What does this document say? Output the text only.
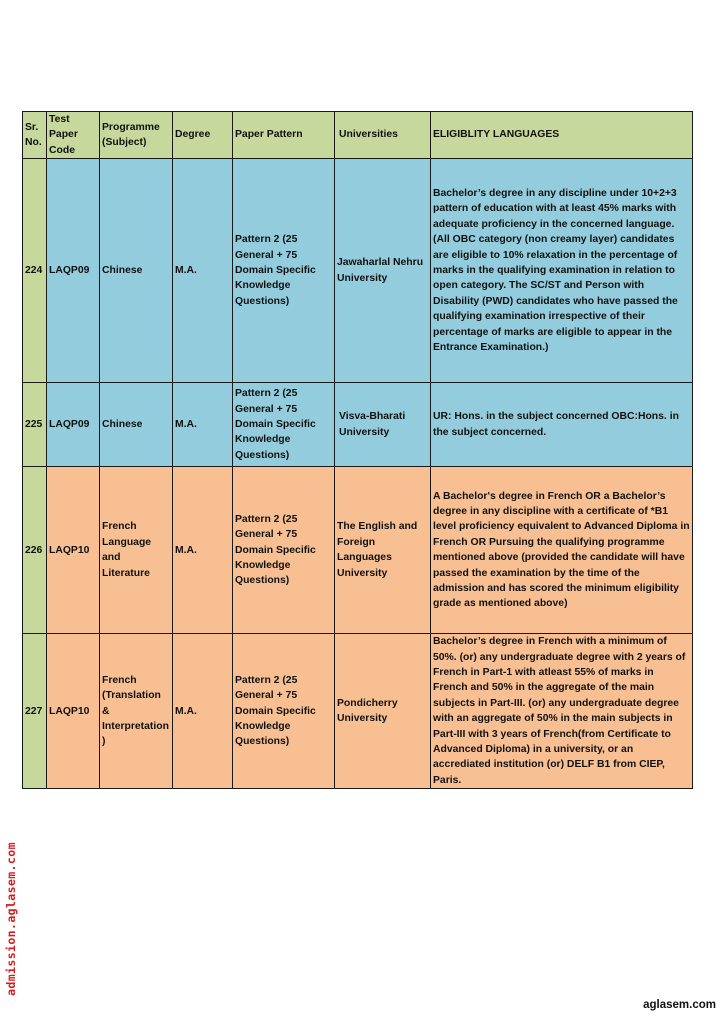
Sr. No.	Test Paper Code	Programme (Subject)	Degree	Paper Pattern	Universities	ELIGIBLITY LANGUAGES
224	LAQP09	Chinese	M.A.	Pattern 2 (25 General + 75 Domain Specific Knowledge Questions)	Jawaharlal Nehru University	Bachelor’s degree in any discipline under 10+2+3 pattern of education with at least 45% marks with adequate proficiency in the concerned language. (All OBC category (non creamy layer) candidates are eligible to 10% relaxation in the percentage of marks in the qualifying examination in relation to open category. The SC/ST and Person with Disability (PWD) candidates who have passed the qualifying examination irrespective of their percentage of marks are eligible to appear in the Entrance Examination.)
225	LAQP09	Chinese	M.A.	Pattern 2 (25 General + 75 Domain Specific Knowledge Questions)	Visva-Bharati University	UR: Hons. in the subject concerned OBC:Hons. in the subject concerned.
226	LAQP10	French Language and Literature	M.A.	Pattern 2 (25 General + 75 Domain Specific Knowledge Questions)	The English and Foreign Languages University	A Bachelor's degree in French OR a Bachelor’s degree in any discipline with a certificate of *B1 level proficiency equivalent to Advanced Diploma in French OR Pursuing the qualifying programme mentioned above (provided the candidate will have passed the examination by the time of the admission and has scored the minimum eligibility grade as mentioned above)
227	LAQP10	French (Translation & Interpretation)	M.A.	Pattern 2 (25 General + 75 Domain Specific Knowledge Questions)	Pondicherry University	Bachelor’s degree in French with a minimum of 50%. (or) any undergraduate degree with 2 years of French in Part-1 with atleast 55% of marks in French and 50% in the aggregate of the main subjects in Part-III. (or) any undergraduate degree with an aggregate of 50% in the main subjects in Part-III with 3 years of French(from Certificate to Advanced Diploma) in a university, or an accrediated institution (or) DELF B1 from CIEP, Paris.
admission.aglasem.com
aglasem.com
